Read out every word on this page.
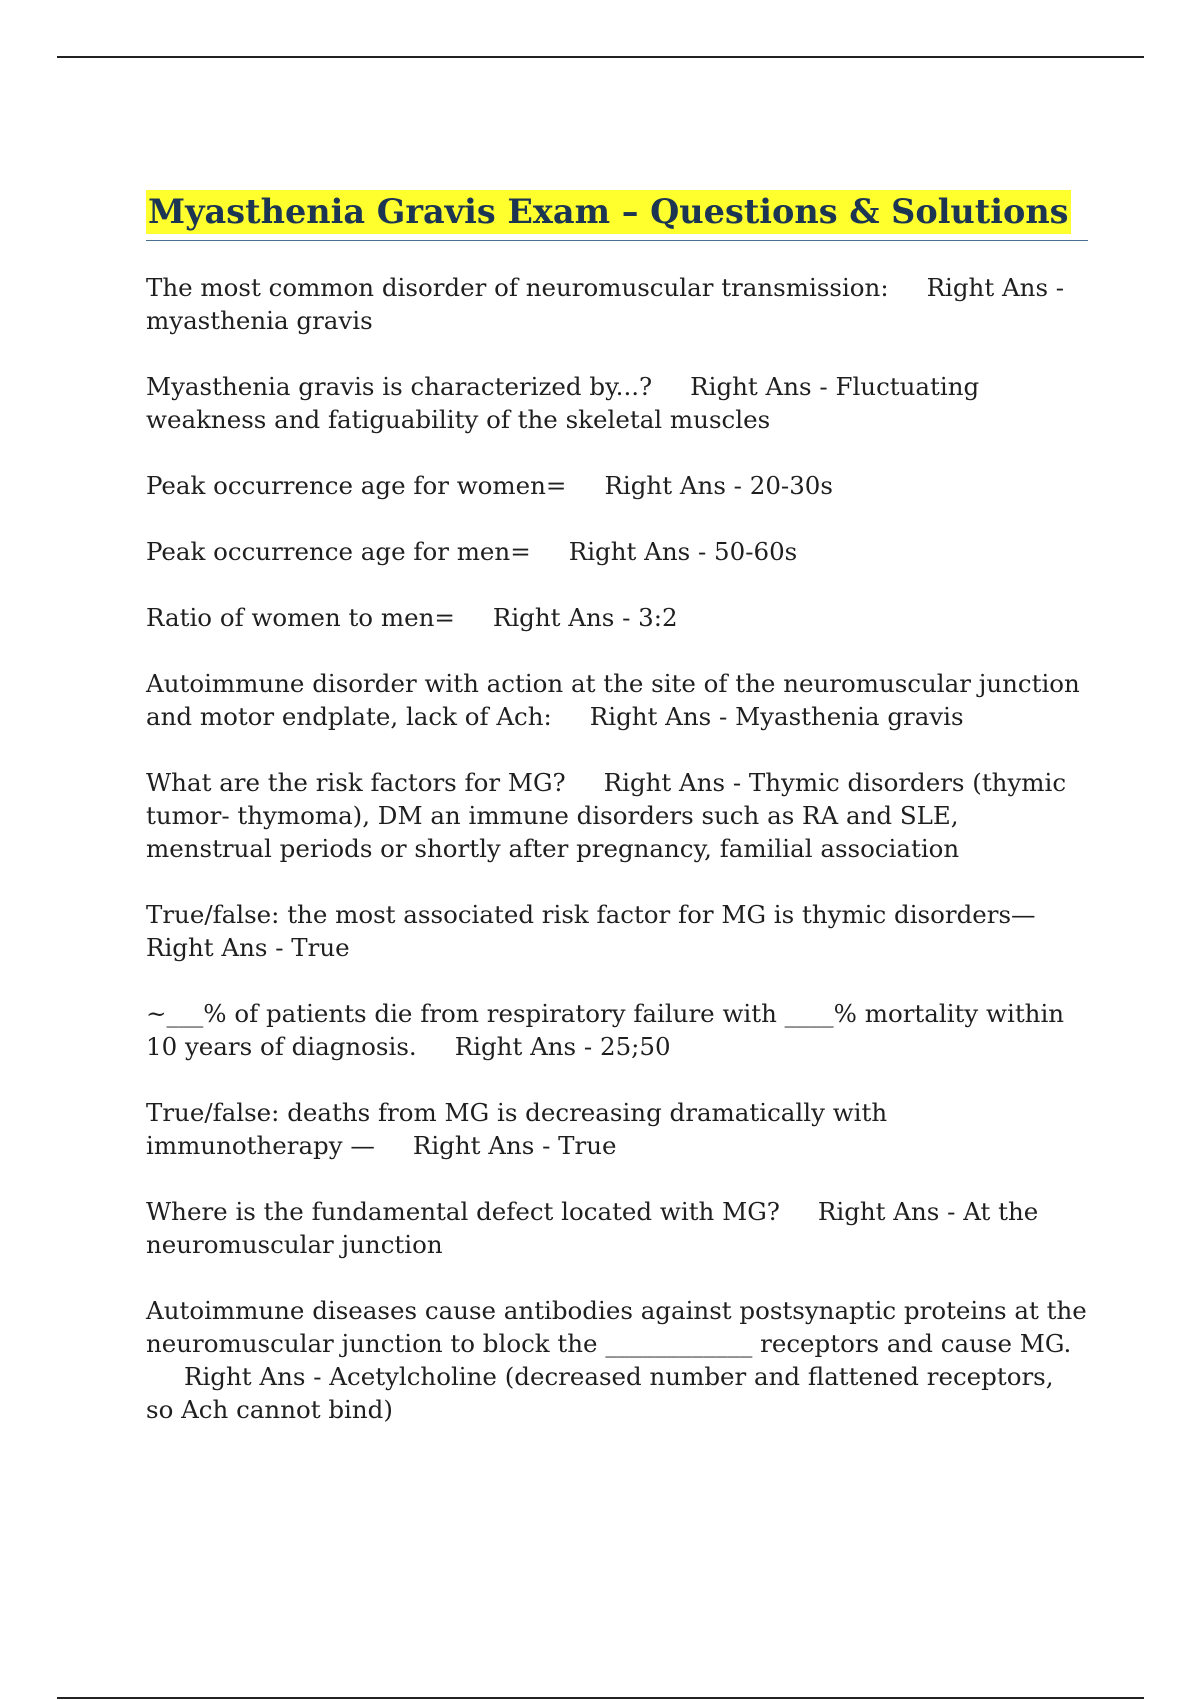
Myasthenia Gravis Exam – Questions & Solutions

The most common disorder of neuromuscular transmission: Right Ans - myasthenia gravis

Myasthenia gravis is characterized by...? Right Ans - Fluctuating weakness and fatiguability of the skeletal muscles

Peak occurrence age for women= Right Ans - 20-30s

Peak occurrence age for men= Right Ans - 50-60s

Ratio of women to men= Right Ans - 3:2

Autoimmune disorder with action at the site of the neuromuscular junction and motor endplate, lack of Ach: Right Ans - Myasthenia gravis

What are the risk factors for MG? Right Ans - Thymic disorders (thymic tumor- thymoma), DM an immune disorders such as RA and SLE, menstrual periods or shortly after pregnancy, familial association

True/false: the most associated risk factor for MG is thymic disorders—Right Ans - True

~___% of patients die from respiratory failure with ____% mortality within 10 years of diagnosis. Right Ans - 25;50

True/false: deaths from MG is decreasing dramatically with immunotherapy — Right Ans - True

Where is the fundamental defect located with MG? Right Ans - At the neuromuscular junction

Autoimmune diseases cause antibodies against postsynaptic proteins at the neuromuscular junction to block the ____________ receptors and cause MG.Right Ans - Acetylcholine (decreased number and flattened receptors, so Ach cannot bind)
